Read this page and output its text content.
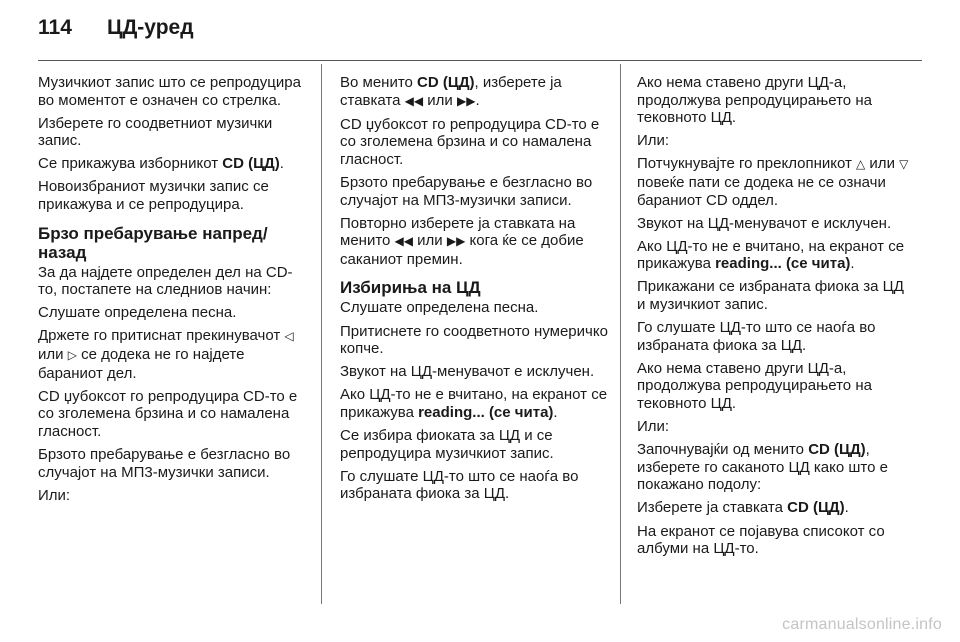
114	ЦД-уред

Музичкиот запис што се репродуцира во моментот е означен со стрелка.

Изберете го соодветниот музички запис.

Се прикажува изборникот CD (ЦД).

Новоизбраниот музички запис се прикажува и се репродуцира.

Брзо пребарување напред/ назад

За да најдете определен дел на CD-то, постапете на следниов начин:

Слушате определена песна.

Држете го притиснат прекинувачот ◁ или ▷ се додека не го најдете бараниот дел.

CD џубоксот го репродуцира CD-то е со зголемена брзина и со намалена гласност.

Брзото пребарување е безгласно во случајот на МП3-музички записи.

Или:

Во менито CD (ЦД), изберете ја ставката ◀◀ или ▶▶.

CD џубоксот го репродуцира CD-то е со зголемена брзина и со намалена гласност.

Брзото пребарување е безгласно во случајот на МП3-музички записи.

Повторно изберете ја ставката на менито ◀◀ или ▶▶ кога ќе се добие саканиот премин.

Избирињa на ЦД

Слушате определена песна.

Притиснете го соодветното нумеричко копче.

Звукот на ЦД-менувачот е исклучен.

Ако ЦД-то не е вчитано, на екранот се прикажува reading... (се чита).

Се избира фиоката за ЦД и се репродуцира музичкиот запис.

Го слушате ЦД-то што се наоѓа во избраната фиока за ЦД.

Ако нема ставено други ЦД-а, продолжува репродуцирањето на тековното ЦД.

Или:

Потчукнувајте го преклопникот △ или ▽ повеќе пати се додека не се означи бараниот CD оддел.

Звукот на ЦД-менувачот е исклучен.

Ако ЦД-то не е вчитано, на екранот се прикажува reading... (се чита).

Прикажани се избраната фиока за ЦД и музичкиот запис.

Го слушате ЦД-то што се наоѓа во избраната фиока за ЦД.

Ако нема ставено други ЦД-а, продолжува репродуцирањето на тековното ЦД.

Или:

Започнувајќи од менито CD (ЦД), изберете го саканото ЦД како што е покажано подолу:

Изберете ја ставката CD (ЦД).

На екранот се појавува списокот со албуми на ЦД-то.

carmanualsonline.info
